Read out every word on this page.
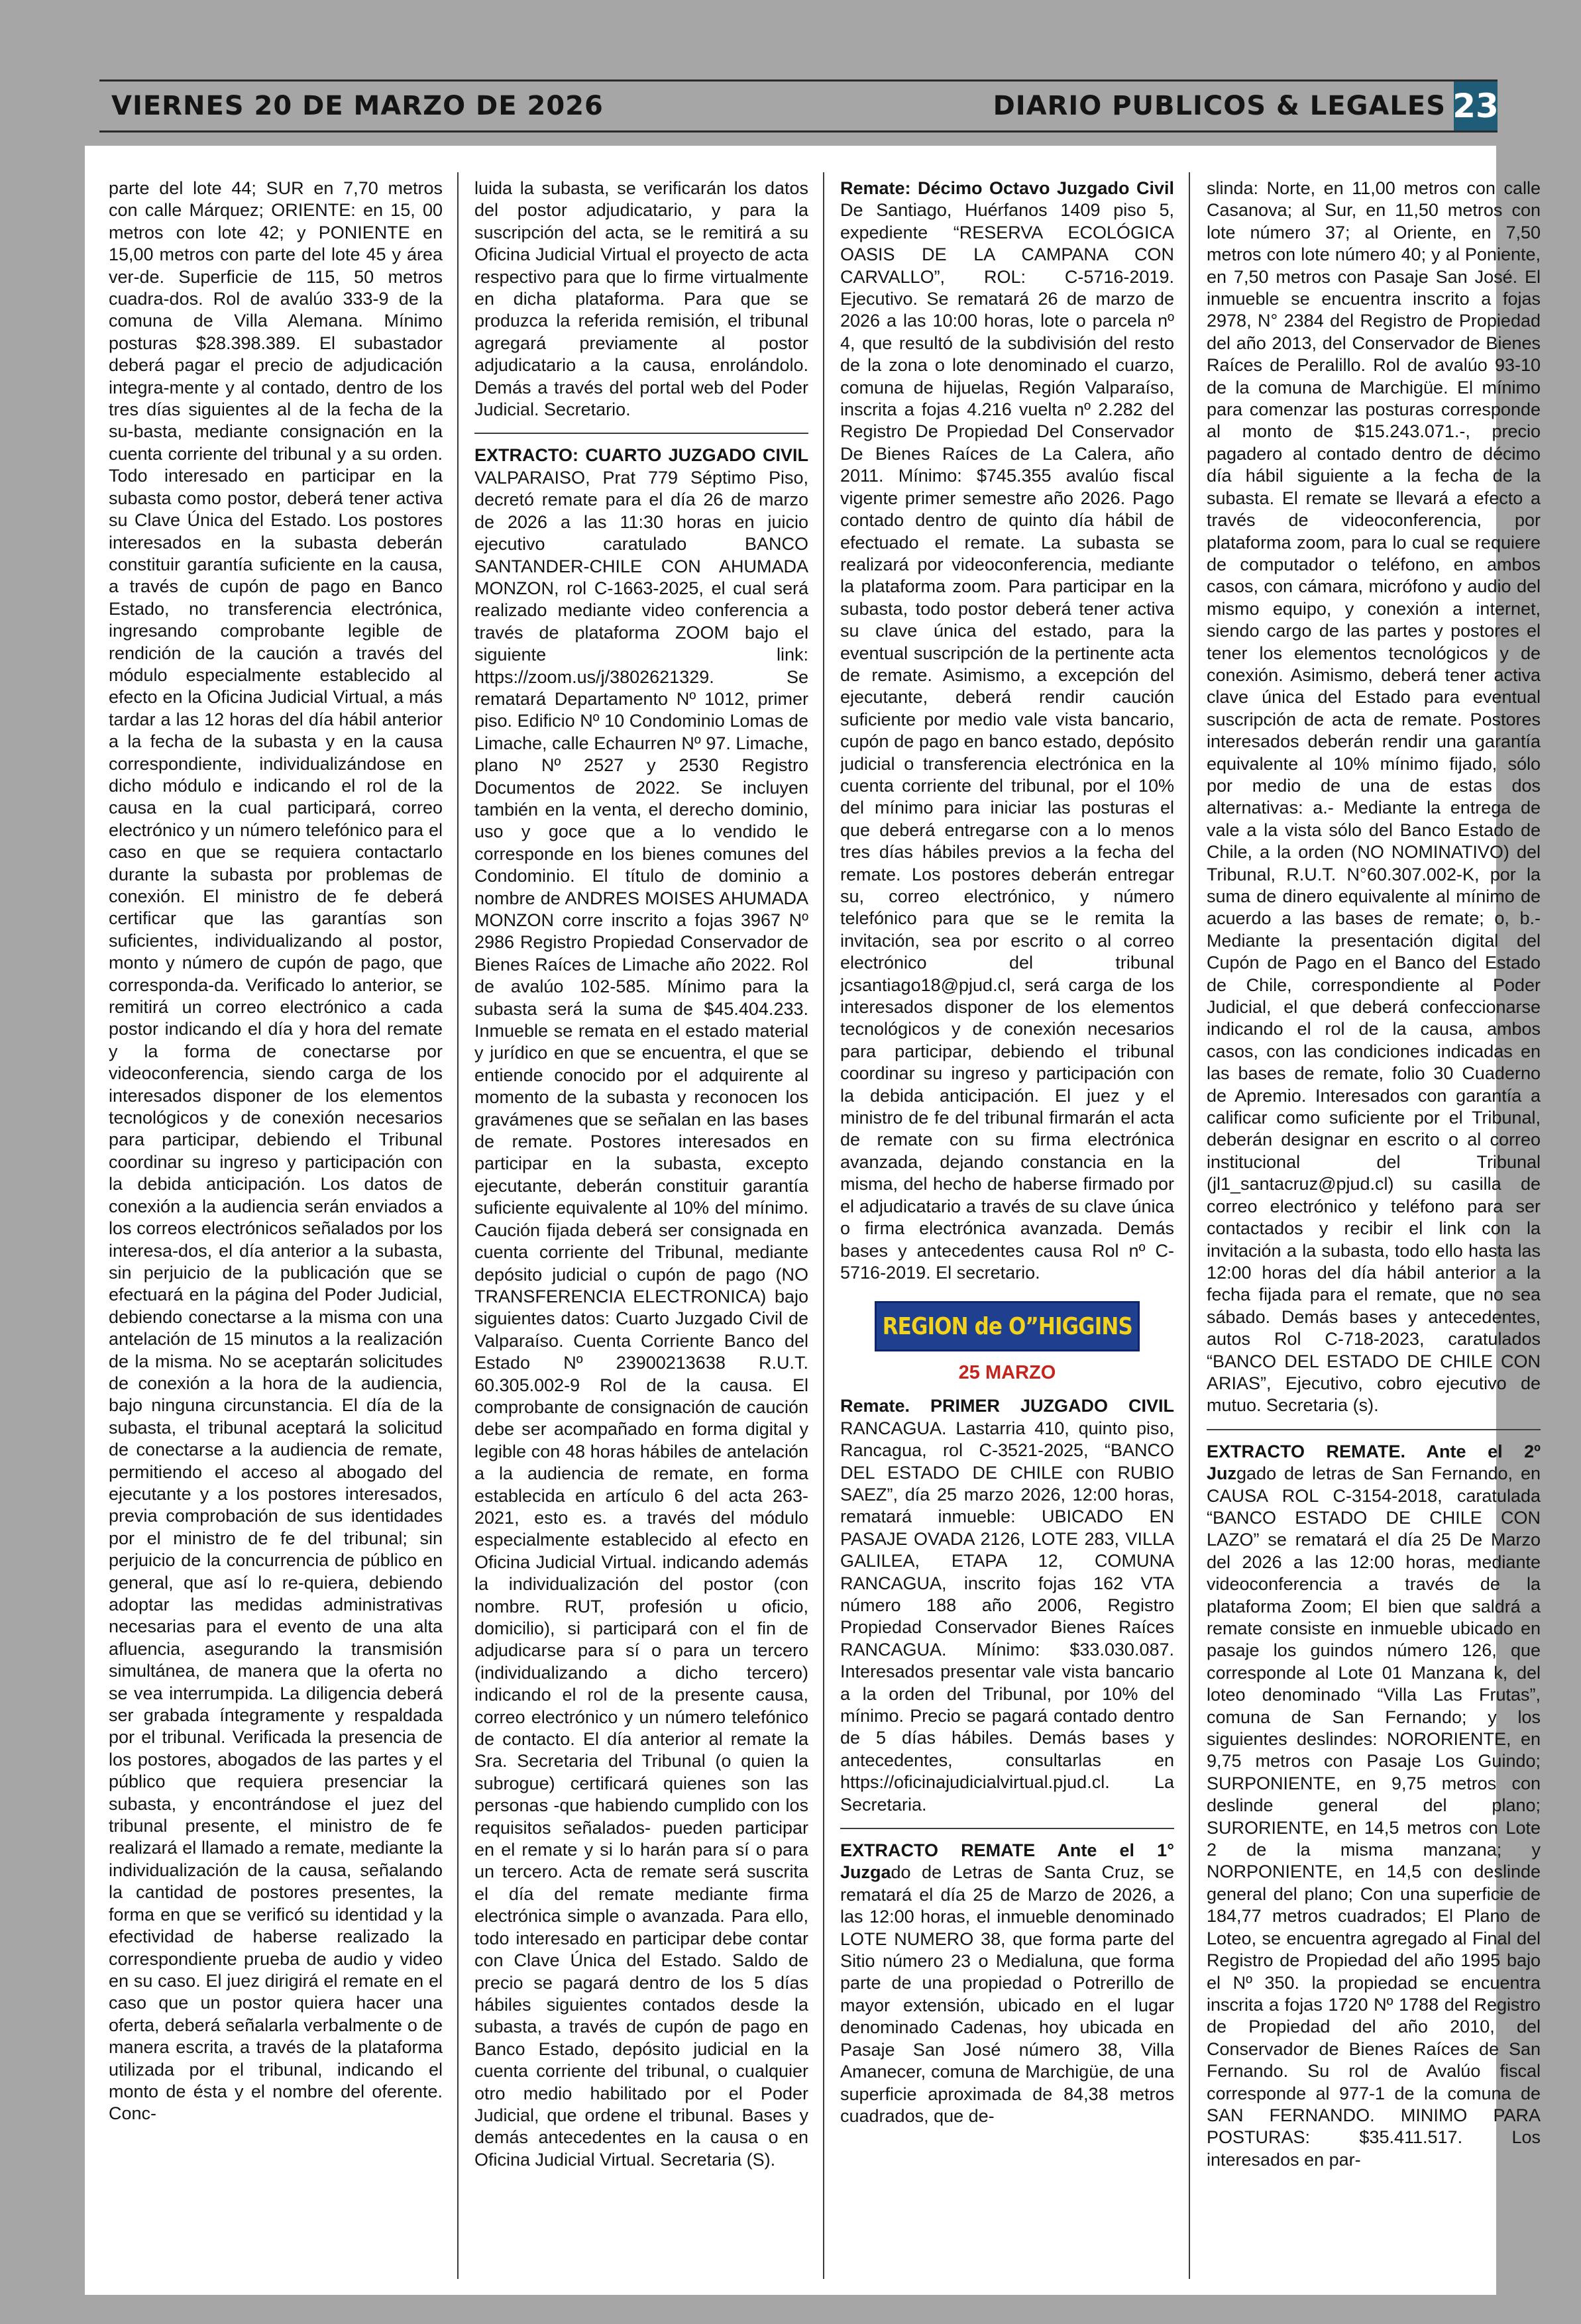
VIERNES 20 DE MARZO DE 2026	DIARIO PUBLICOS & LEGALES 23

parte del lote 44; SUR en 7,70 metros con calle Márquez; ORIENTE: en 15, 00 metros con lote 42; y PONIENTE en 15,00 metros con parte del lote 45 y área ver-de. Superficie de 115, 50 metros cuadra-dos. Rol de avalúo 333-9 de la comuna de Villa Alemana. Mínimo posturas $28.398.389. El subastador deberá pagar el precio de adjudicación integra-mente y al contado, dentro de los tres días siguientes al de la fecha de la su-basta, mediante consignación en la cuenta corriente del tribunal y a su orden. Todo interesado en participar en la subasta como postor, deberá tener activa su Clave Única del Estado. Los postores interesados en la subasta deberán constituir garantía suficiente en la causa, a través de cupón de pago en Banco Estado, no transferencia electrónica, ingresando comprobante legible de rendición de la caución a través del módulo especialmente establecido al efecto en la Oficina Judicial Virtual, a más tardar a las 12 horas del día hábil anterior a la fecha de la subasta y en la causa correspondiente, individualizándose en dicho módulo e indicando el rol de la causa en la cual participará, correo electrónico y un número telefónico para el caso en que se requiera contactarlo durante la subasta por problemas de conexión. El ministro de fe deberá certificar que las garantías son suficientes, individualizando al postor, monto y número de cupón de pago, que corresponda-da. Verificado lo anterior, se remitirá un correo electrónico a cada postor indicando el día y hora del remate y la forma de conectarse por videoconferencia, siendo carga de los interesados disponer de los elementos tecnológicos y de conexión necesarios para participar, debiendo el Tribunal coordinar su ingreso y participación con la debida anticipación. Los datos de conexión a la audiencia serán enviados a los correos electrónicos señalados por los interesa-dos, el día anterior a la subasta, sin perjuicio de la publicación que se efectuará en la página del Poder Judicial, debiendo conectarse a la misma con una antelación de 15 minutos a la realización de la misma. No se aceptarán solicitudes de conexión a la hora de la audiencia, bajo ninguna circunstancia. El día de la subasta, el tribunal aceptará la solicitud de conectarse a la audiencia de remate, permitiendo el acceso al abogado del ejecutante y a los postores interesados, previa comprobación de sus identidades por el ministro de fe del tribunal; sin perjuicio de la concurrencia de público en general, que así lo re-quiera, debiendo adoptar las medidas administrativas necesarias para el evento de una alta afluencia, asegurando la transmisión simultánea, de manera que la oferta no se vea interrumpida. La diligencia deberá ser grabada íntegramente y respaldada por el tribunal. Verificada la presencia de los postores, abogados de las partes y el público que requiera presenciar la subasta, y encontrándose el juez del tribunal presente, el ministro de fe realizará el llamado a remate, mediante la individualización de la causa, señalando la cantidad de postores presentes, la forma en que se verificó su identidad y la efectividad de haberse realizado la correspondiente prueba de audio y video en su caso. El juez dirigirá el remate en el caso que un postor quiera hacer una oferta, deberá señalarla verbalmente o de manera escrita, a través de la plataforma utilizada por el tribunal, indicando el monto de ésta y el nombre del oferente. Conc-

luida la subasta, se verificarán los datos del postor adjudicatario, y para la suscripción del acta, se le remitirá a su Oficina Judicial Virtual el proyecto de acta respectivo para que lo firme virtualmente en dicha plataforma. Para que se produzca la referida remisión, el tribunal agregará previamente al postor adjudicatario a la causa, enrolándolo. Demás a través del portal web del Poder Judicial. Secretario.

EXTRACTO: CUARTO JUZGADO CIVIL VALPARAISO, Prat 779 Séptimo Piso, decretó remate para el día 26 de marzo de 2026 a las 11:30 horas en juicio ejecutivo caratulado BANCO SANTANDER-CHILE CON AHUMADA MONZON, rol C-1663-2025, el cual será realizado mediante video conferencia a través de plataforma ZOOM bajo el siguiente link: https://zoom.us/j/3802621329. Se rematará Departamento Nº 1012, primer piso. Edificio Nº 10 Condominio Lomas de Limache, calle Echaurren Nº 97. Limache, plano Nº 2527 y 2530 Registro Documentos de 2022. Se incluyen también en la venta, el derecho dominio, uso y goce que a lo vendido le corresponde en los bienes comunes del Condominio. El título de dominio a nombre de ANDRES MOISES AHUMADA MONZON corre inscrito a fojas 3967 Nº 2986 Registro Propiedad Conservador de Bienes Raíces de Limache año 2022. Rol de avalúo 102-585. Mínimo para la subasta será la suma de $45.404.233. Inmueble se remata en el estado material y jurídico en que se encuentra, el que se entiende conocido por el adquirente al momento de la subasta y reconocen los gravámenes que se señalan en las bases de remate. Postores interesados en participar en la subasta, excepto ejecutante, deberán constituir garantía suficiente equivalente al 10% del mínimo. Caución fijada deberá ser consignada en cuenta corriente del Tribunal, mediante depósito judicial o cupón de pago (NO TRANSFERENCIA ELECTRONICA) bajo siguientes datos: Cuarto Juzgado Civil de Valparaíso. Cuenta Corriente Banco del Estado Nº 23900213638 R.U.T. 60.305.002-9 Rol de la causa. El comprobante de consignación de caución debe ser acompañado en forma digital y legible con 48 horas hábiles de antelación a la audiencia de remate, en forma establecida en artículo 6 del acta 263-2021, esto es. a través del módulo especialmente establecido al efecto en Oficina Judicial Virtual. indicando además la individualización del postor (con nombre. RUT, profesión u oficio, domicilio), si participará con el fin de adjudicarse para sí o para un tercero (individualizando a dicho tercero) indicando el rol de la presente causa, correo electrónico y un número telefónico de contacto. El día anterior al remate la Sra. Secretaria del Tribunal (o quien la subrogue) certificará quienes son las personas -que habiendo cumplido con los requisitos señalados- pueden participar en el remate y si lo harán para sí o para un tercero. Acta de remate será suscrita el día del remate mediante firma electrónica simple o avanzada. Para ello, todo interesado en participar debe contar con Clave Única del Estado. Saldo de precio se pagará dentro de los 5 días hábiles siguientes contados desde la subasta, a través de cupón de pago en Banco Estado, depósito judicial en la cuenta corriente del tribunal, o cualquier otro medio habilitado por el Poder Judicial, que ordene el tribunal. Bases y demás antecedentes en la causa o en Oficina Judicial Virtual. Secretaria (S).

Remate: Décimo Octavo Juzgado Civil De Santiago, Huérfanos 1409 piso 5, expediente “RESERVA ECOLÓGICA OASIS DE LA CAMPANA CON CARVALLO”, ROL: C-5716-2019. Ejecutivo. Se rematará 26 de marzo de 2026 a las 10:00 horas, lote o parcela nº 4, que resultó de la subdivisión del resto de la zona o lote denominado el cuarzo, comuna de hijuelas, Región Valparaíso, inscrita a fojas 4.216 vuelta nº 2.282 del Registro De Propiedad Del Conservador De Bienes Raíces de La Calera, año 2011. Mínimo: $745.355 avalúo fiscal vigente primer semestre año 2026. Pago contado dentro de quinto día hábil de efectuado el remate. La subasta se realizará por videoconferencia, mediante la plataforma zoom. Para participar en la subasta, todo postor deberá tener activa su clave única del estado, para la eventual suscripción de la pertinente acta de remate. Asimismo, a excepción del ejecutante, deberá rendir caución suficiente por medio vale vista bancario, cupón de pago en banco estado, depósito judicial o transferencia electrónica en la cuenta corriente del tribunal, por el 10% del mínimo para iniciar las posturas el que deberá entregarse con a lo menos tres días hábiles previos a la fecha del remate. Los postores deberán entregar su, correo electrónico, y número telefónico para que se le remita la invitación, sea por escrito o al correo electrónico del tribunal jcsantiago18@pjud.cl, será carga de los interesados disponer de los elementos tecnológicos y de conexión necesarios para participar, debiendo el tribunal coordinar su ingreso y participación con la debida anticipación. El juez y el ministro de fe del tribunal firmarán el acta de remate con su firma electrónica avanzada, dejando constancia en la misma, del hecho de haberse firmado por el adjudicatario a través de su clave única o firma electrónica avanzada. Demás bases y antecedentes causa Rol nº C-5716-2019. El secretario.

REGION de O”HIGGINS
25 MARZO

Remate. PRIMER JUZGADO CIVIL RANCAGUA. Lastarria 410, quinto piso, Rancagua, rol C-3521-2025, “BANCO DEL ESTADO DE CHILE con RUBIO SAEZ”, día 25 marzo 2026, 12:00 horas, rematará inmueble: UBICADO EN PASAJE OVADA 2126, LOTE 283, VILLA GALILEA, ETAPA 12, COMUNA RANCAGUA, inscrito fojas 162 VTA número 188 año 2006, Registro Propiedad Conservador Bienes Raíces RANCAGUA. Mínimo: $33.030.087. Interesados presentar vale vista bancario a la orden del Tribunal, por 10% del mínimo. Precio se pagará contado dentro de 5 días hábiles. Demás bases y antecedentes, consultarlas en https://oficinajudicialvirtual.pjud.cl. La Secretaria.

EXTRACTO REMATE Ante el 1° Juzgado de Letras de Santa Cruz, se rematará el día 25 de Marzo de 2026, a las 12:00 horas, el inmueble denominado LOTE NUMERO 38, que forma parte del Sitio número 23 o Medialuna, que forma parte de una propiedad o Potrerillo de mayor extensión, ubicado en el lugar denominado Cadenas, hoy ubicada en Pasaje San José número 38, Villa Amanecer, comuna de Marchigüe, de una superficie aproximada de 84,38 metros cuadrados, que de-

slinda: Norte, en 11,00 metros con calle Casanova; al Sur, en 11,50 metros con lote número 37; al Oriente, en 7,50 metros con lote número 40; y al Poniente, en 7,50 metros con Pasaje San José. El inmueble se encuentra inscrito a fojas 2978, N° 2384 del Registro de Propiedad del año 2013, del Conservador de Bienes Raíces de Peralillo. Rol de avalúo 93-10 de la comuna de Marchigüe. El mínimo para comenzar las posturas corresponde al monto de $15.243.071.-, precio pagadero al contado dentro de décimo día hábil siguiente a la fecha de la subasta. El remate se llevará a efecto a través de videoconferencia, por plataforma zoom, para lo cual se requiere de computador o teléfono, en ambos casos, con cámara, micrófono y audio del mismo equipo, y conexión a internet, siendo cargo de las partes y postores el tener los elementos tecnológicos y de conexión. Asimismo, deberá tener activa clave única del Estado para eventual suscripción de acta de remate. Postores interesados deberán rendir una garantía equivalente al 10% mínimo fijado, sólo por medio de una de estas dos alternativas: a.- Mediante la entrega de vale a la vista sólo del Banco Estado de Chile, a la orden (NO NOMINATIVO) del Tribunal, R.U.T. N°60.307.002-K, por la suma de dinero equivalente al mínimo de acuerdo a las bases de remate; o, b.- Mediante la presentación digital del Cupón de Pago en el Banco del Estado de Chile, correspondiente al Poder Judicial, el que deberá confeccionarse indicando el rol de la causa, ambos casos, con las condiciones indicadas en las bases de remate, folio 30 Cuaderno de Apremio. Interesados con garantía a calificar como suficiente por el Tribunal, deberán designar en escrito o al correo institucional del Tribunal (jl1_santacruz@pjud.cl) su casilla de correo electrónico y teléfono para ser contactados y recibir el link con la invitación a la subasta, todo ello hasta las 12:00 horas del día hábil anterior a la fecha fijada para el remate, que no sea sábado. Demás bases y antecedentes, autos Rol C-718-2023, caratulados “BANCO DEL ESTADO DE CHILE CON ARIAS”, Ejecutivo, cobro ejecutivo de mutuo. Secretaria (s).

EXTRACTO REMATE. Ante el 2º Juzgado de letras de San Fernando, en CAUSA ROL C-3154-2018, caratulada “BANCO ESTADO DE CHILE CON LAZO” se rematará el día 25 De Marzo del 2026 a las 12:00 horas, mediante videoconferencia a través de la plataforma Zoom; El bien que saldrá a remate consiste en inmueble ubicado en pasaje los guindos número 126, que corresponde al Lote 01 Manzana k, del loteo denominado “Villa Las Frutas”, comuna de San Fernando; y los siguientes deslindes: NORORIENTE, en 9,75 metros con Pasaje Los Guindo; SURPONIENTE, en 9,75 metros con deslinde general del plano; SURORIENTE, en 14,5 metros con Lote 2 de la misma manzana; y NORPONIENTE, en 14,5 con deslinde general del plano; Con una superficie de 184,77 metros cuadrados; El Plano de Loteo, se encuentra agregado al Final del Registro de Propiedad del año 1995 bajo el Nº 350. la propiedad se encuentra inscrita a fojas 1720 Nº 1788 del Registro de Propiedad del año 2010, del Conservador de Bienes Raíces de San Fernando. Su rol de Avalúo fiscal corresponde al 977-1 de la comuna de SAN FERNANDO. MINIMO PARA POSTURAS: $35.411.517. Los interesados en par-
